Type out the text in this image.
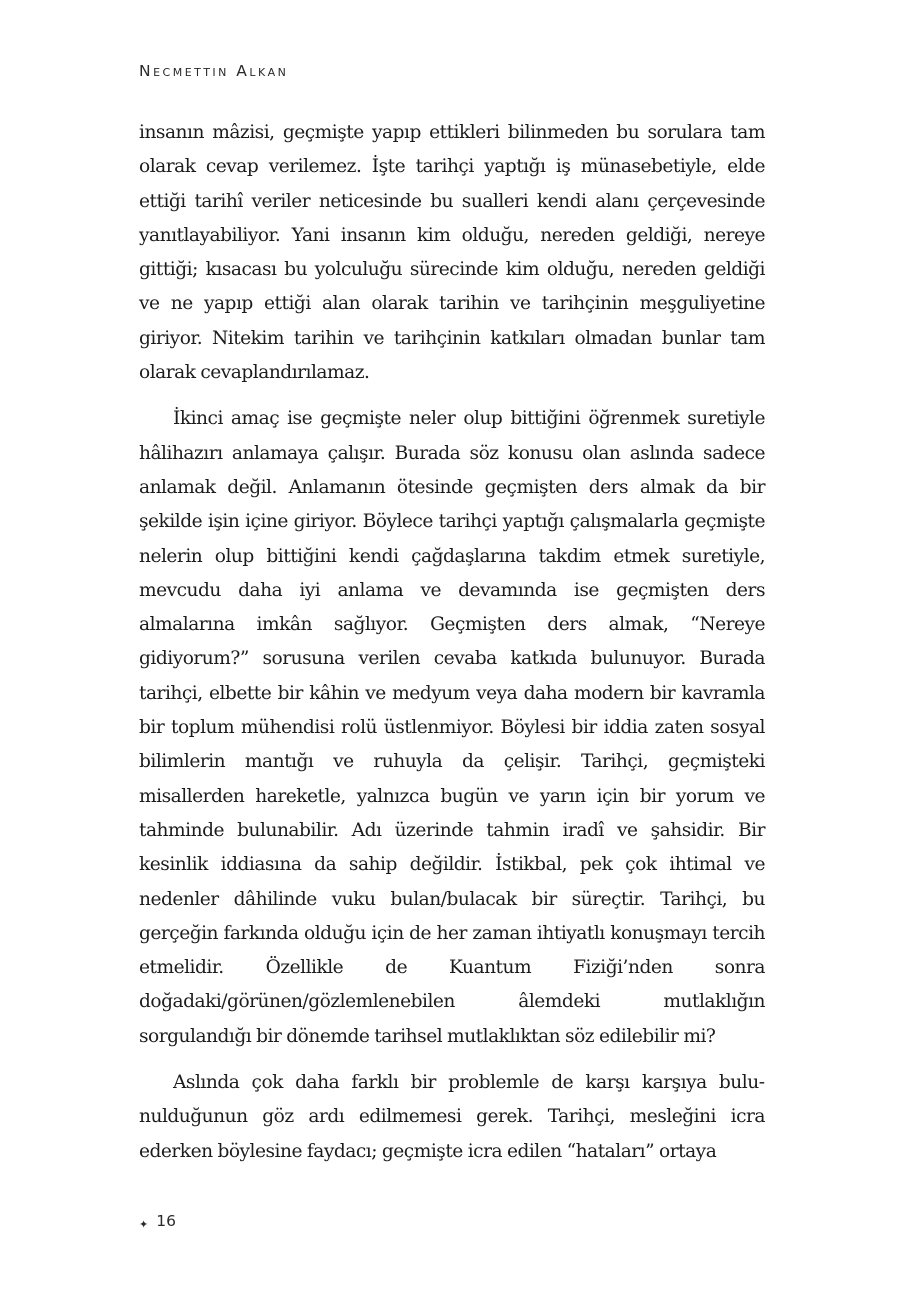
Necmettin Alkan

insanın mâzisi, geçmişte yapıp ettikleri bilinmeden bu sorulara tam olarak cevap verilemez. İşte tarihçi yaptığı iş münasebetiyle, elde ettiği tarihî veriler neticesinde bu sualleri kendi alanı çerçevesinde yanıtlayabiliyor. Yani insanın kim olduğu, nereden geldiği, nereye gittiği; kısacası bu yolculuğu sürecinde kim olduğu, nereden geldiği ve ne yapıp ettiği alan olarak tarihin ve tarihçinin meşguliyetine giriyor. Nitekim tarihin ve tarihçinin katkıları olmadan bunlar tam olarak cevaplandırılamaz.

İkinci amaç ise geçmişte neler olup bittiğini öğrenmek suretiyle hâlihazırı anlamaya çalışır. Burada söz konusu olan aslında sadece anlamak değil. Anlamanın ötesinde geçmişten ders almak da bir şekilde işin içine giriyor. Böylece tarihçi yaptığı çalışmalarla geçmişte nelerin olup bittiğini kendi çağdaşlarına takdim etmek suretiyle, mevcudu daha iyi anlama ve devamında ise geçmişten ders almalarına imkân sağlıyor. Geçmişten ders almak, “Nereye gidiyorum?” sorusuna verilen cevaba katkıda bulunuyor. Burada tarihçi, elbette bir kâhin ve medyum veya daha modern bir kavramla bir toplum mühendisi rolü üstlenmiyor. Böylesi bir iddia zaten sosyal bilimlerin mantığı ve ruhuyla da çelişir. Tarihçi, geçmişteki misallerden hareketle, yalnızca bugün ve yarın için bir yorum ve tahminde bulunabilir. Adı üzerinde tahmin iradî ve şahsidir. Bir kesinlik iddiasına da sahip değildir. İstikbal, pek çok ihtimal ve nedenler dâhilinde vuku bulan/bulacak bir süreçtir. Tarihçi, bu gerçeğin farkında olduğu için de her zaman ihtiyatlı konuşmayı tercih etmelidir. Özellikle de Kuantum Fiziği’nden sonra doğadaki/görünen/gözlemlenebilen âlemdeki mutlaklığın sorgulandığı bir dönemde tarihsel mutlaklıktan söz edilebilir mi?

Aslında çok daha farklı bir problemle de karşı karşıya bulunulduğunun göz ardı edilmemesi gerek. Tarihçi, mesleğini icra ederken böylesine faydacı; geçmişte icra edilen “hataları” ortaya

✦ 16
